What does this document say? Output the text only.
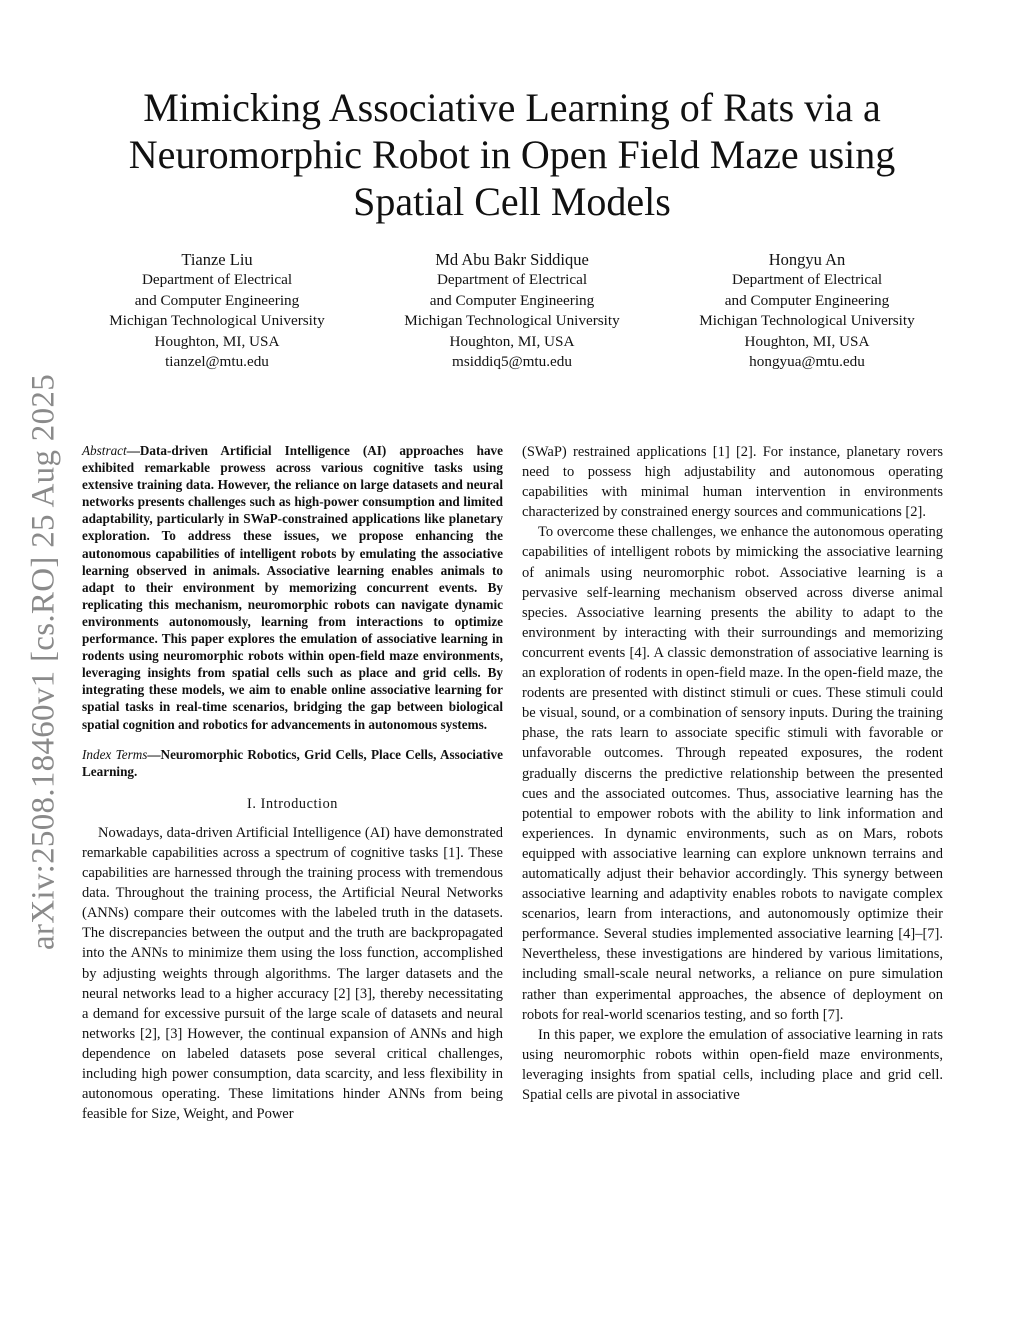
arXiv:2508.18460v1 [cs.RO] 25 Aug 2025
Mimicking Associative Learning of Rats via a Neuromorphic Robot in Open Field Maze using Spatial Cell Models
Tianze Liu
Department of Electrical
and Computer Engineering
Michigan Technological University
Houghton, MI, USA
tianzel@mtu.edu
Md Abu Bakr Siddique
Department of Electrical
and Computer Engineering
Michigan Technological University
Houghton, MI, USA
msiddiq5@mtu.edu
Hongyu An
Department of Electrical
and Computer Engineering
Michigan Technological University
Houghton, MI, USA
hongyua@mtu.edu

Abstract—Data-driven Artificial Intelligence (AI) approaches have exhibited remarkable prowess across various cognitive tasks using extensive training data. However, the reliance on large datasets and neural networks presents challenges such as high-power consumption and limited adaptability, particularly in SWaP-constrained applications like planetary exploration. To address these issues, we propose enhancing the autonomous capabilities of intelligent robots by emulating the associative learning observed in animals. Associative learning enables animals to adapt to their environment by memorizing concurrent events. By replicating this mechanism, neuromorphic robots can navigate dynamic environments autonomously, learning from interactions to optimize performance. This paper explores the emulation of associative learning in rodents using neuromorphic robots within open-field maze environments, leveraging insights from spatial cells such as place and grid cells. By integrating these models, we aim to enable online associative learning for spatial tasks in real-time scenarios, bridging the gap between biological spatial cognition and robotics for advancements in autonomous systems.

Index Terms—Neuromorphic Robotics, Grid Cells, Place Cells, Associative Learning.

I. Introduction

Nowadays, data-driven Artificial Intelligence (AI) have demonstrated remarkable capabilities across a spectrum of cognitive tasks [1]. These capabilities are harnessed through the training process with tremendous data. Throughout the training process, the Artificial Neural Networks (ANNs) compare their outcomes with the labeled truth in the datasets. The discrepancies between the output and the truth are backpropagated into the ANNs to minimize them using the loss function, accomplished by adjusting weights through algorithms. The larger datasets and the neural networks lead to a higher accuracy [2] [3], thereby necessitating a demand for excessive pursuit of the large scale of datasets and neural networks [2], [3] However, the continual expansion of ANNs and high dependence on labeled datasets pose several critical challenges, including high power consumption, data scarcity, and less flexibility in autonomous operating. These limitations hinder ANNs from being feasible for Size, Weight, and Power

(SWaP) restrained applications [1] [2]. For instance, planetary rovers need to possess high adjustability and autonomous operating capabilities with minimal human intervention in environments characterized by constrained energy sources and communications [2].

To overcome these challenges, we enhance the autonomous operating capabilities of intelligent robots by mimicking the associative learning of animals using neuromorphic robot. Associative learning is a pervasive self-learning mechanism observed across diverse animal species. Associative learning presents the ability to adapt to the environment by interacting with their surroundings and memorizing concurrent events [4]. A classic demonstration of associative learning is an exploration of rodents in open-field maze. In the open-field maze, the rodents are presented with distinct stimuli or cues. These stimuli could be visual, sound, or a combination of sensory inputs. During the training phase, the rats learn to associate specific stimuli with favorable or unfavorable outcomes. Through repeated exposures, the rodent gradually discerns the predictive relationship between the presented cues and the associated outcomes. Thus, associative learning has the potential to empower robots with the ability to link information and experiences. In dynamic environments, such as on Mars, robots equipped with associative learning can explore unknown terrains and automatically adjust their behavior accordingly. This synergy between associative learning and adaptivity enables robots to navigate complex scenarios, learn from interactions, and autonomously optimize their performance. Several studies implemented associative learning [4]–[7]. Nevertheless, these investigations are hindered by various limitations, including small-scale neural networks, a reliance on pure simulation rather than experimental approaches, the absence of deployment on robots for real-world scenarios testing, and so forth [7].

In this paper, we explore the emulation of associative learning in rats using neuromorphic robots within open-field maze environments, leveraging insights from spatial cells, including place and grid cell. Spatial cells are pivotal in associative
